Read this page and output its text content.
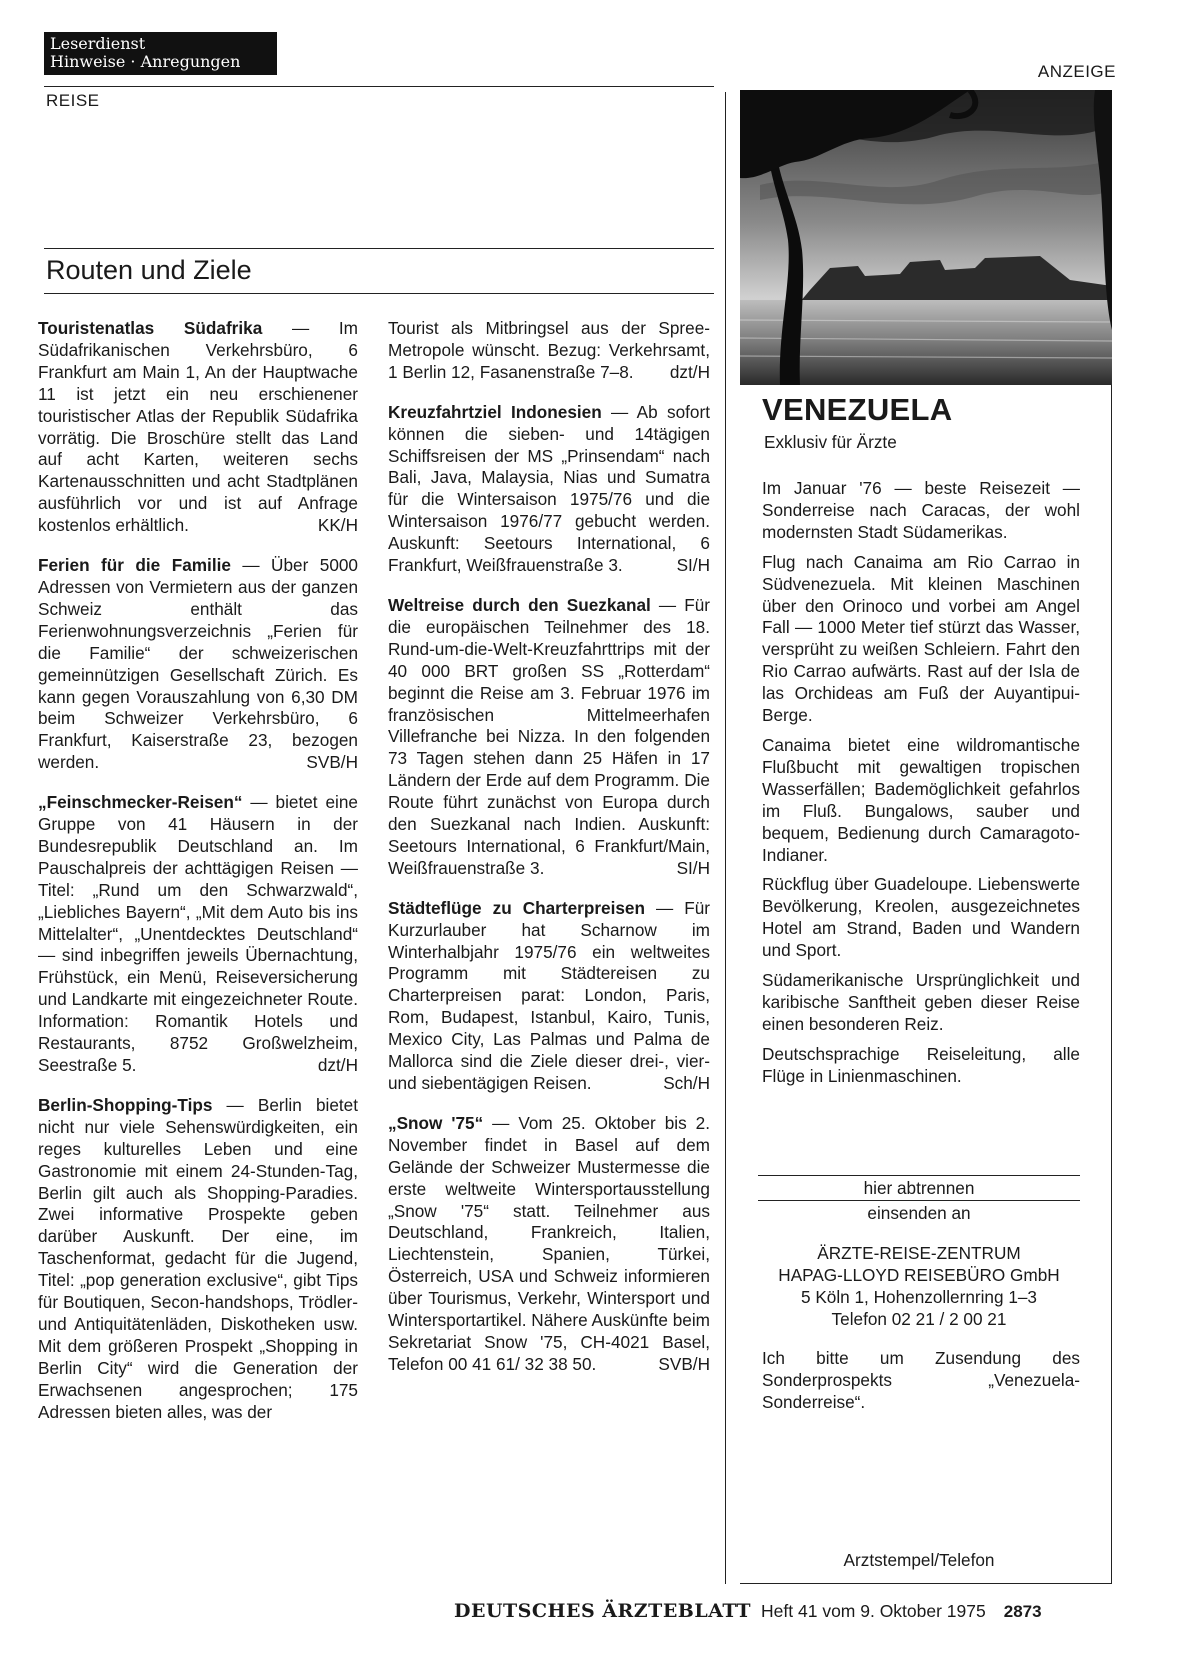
Leserdienst
Hinweise · Anregungen
ANZEIGE
REISE
Routen und Ziele

Touristenatlas Südafrika — Im Südafrikanischen Verkehrsbüro, 6 Frankfurt am Main 1, An der Hauptwache 11 ist jetzt ein neu erschienener touristischer Atlas der Republik Südafrika vorrätig. Die Broschüre stellt das Land auf acht Karten, weiteren sechs Kartenausschnitten und acht Stadtplänen ausführlich vor und ist auf Anfrage kostenlos erhältlich.	KK/H

Ferien für die Familie — Über 5000 Adressen von Vermietern aus der ganzen Schweiz enthält das Ferienwohnungsverzeichnis „Ferien für die Familie“ der schweizerischen gemeinnützigen Gesellschaft Zürich. Es kann gegen Vorauszahlung von 6,30 DM beim Schweizer Verkehrsbüro, 6 Frankfurt, Kaiserstraße 23, bezogen werden.	SVB/H

„Feinschmecker-Reisen“ — bietet eine Gruppe von 41 Häusern in der Bundesrepublik Deutschland an. Im Pauschalpreis der achttägigen Reisen — Titel: „Rund um den Schwarzwald“, „Liebliches Bayern“, „Mit dem Auto bis ins Mittelalter“, „Unentdecktes Deutschland“ — sind inbegriffen jeweils Übernachtung, Frühstück, ein Menü, Reiseversicherung und Landkarte mit eingezeichneter Route. Information: Romantik Hotels und Restaurants, 8752 Großwelzheim, Seestraße 5.	dzt/H

Berlin-Shopping-Tips — Berlin bietet nicht nur viele Sehenswürdigkeiten, ein reges kulturelles Leben und eine Gastronomie mit einem 24-Stunden-Tag, Berlin gilt auch als Shopping-Paradies. Zwei informative Prospekte geben darüber Auskunft. Der eine, im Taschenformat, gedacht für die Jugend, Titel: „pop generation exclusive“, gibt Tips für Boutiquen, Secon-handshops, Trödler- und Antiquitätenläden, Diskotheken usw. Mit dem größeren Prospekt „Shopping in Berlin City“ wird die Generation der Erwachsenen angesprochen; 175 Adressen bieten alles, was der

Tourist als Mitbringsel aus der Spree-Metropole wünscht. Bezug: Verkehrsamt, 1 Berlin 12, Fasanenstraße 7–8. dzt/H

Kreuzfahrtziel Indonesien — Ab sofort können die sieben- und 14tägigen Schiffsreisen der MS „Prinsendam“ nach Bali, Java, Malaysia, Nias und Sumatra für die Wintersaison 1975/76 und die Wintersaison 1976/77 gebucht werden. Auskunft: Seetours International, 6 Frankfurt, Weißfrauenstraße 3.	SI/H

Weltreise durch den Suezkanal — Für die europäischen Teilnehmer des 18. Rund-um-die-Welt-Kreuzfahrttrips mit der 40 000 BRT großen SS „Rotterdam“ beginnt die Reise am 3. Februar 1976 im französischen Mittelmeerhafen Villefranche bei Nizza. In den folgenden 73 Tagen stehen dann 25 Häfen in 17 Ländern der Erde auf dem Programm. Die Route führt zunächst von Europa durch den Suezkanal nach Indien. Auskunft: Seetours International, 6 Frankfurt/Main, Weißfrauenstraße 3.	SI/H

Städteflüge zu Charterpreisen — Für Kurzurlauber hat Scharnow im Winterhalbjahr 1975/76 ein weltweites Programm mit Städtereisen zu Charterpreisen parat: London, Paris, Rom, Budapest, Istanbul, Kairo, Tunis, Mexico City, Las Palmas und Palma de Mallorca sind die Ziele dieser drei-, vier- und siebentägigen Reisen.	Sch/H

„Snow '75“ — Vom 25. Oktober bis 2. November findet in Basel auf dem Gelände der Schweizer Mustermesse die erste weltweite Wintersportausstellung „Snow '75“ statt. Teilnehmer aus Deutschland, Frankreich, Italien, Liechtenstein, Spanien, Türkei, Österreich, USA und Schweiz informieren über Tourismus, Verkehr, Wintersport und Wintersportartikel. Nähere Auskünfte beim Sekretariat Snow '75, CH-4021 Basel, Telefon 00 41 61/ 32 38 50.	SVB/H

VENEZUELA
Exklusiv für Ärzte

Im Januar '76 — beste Reisezeit — Sonderreise nach Caracas, der wohl modernsten Stadt Südamerikas.

Flug nach Canaima am Rio Carrao in Südvenezuela. Mit kleinen Maschinen über den Orinoco und vorbei am Angel Fall — 1000 Meter tief stürzt das Wasser, versprüht zu weißen Schleiern. Fahrt den Rio Carrao aufwärts. Rast auf der Isla de las Orchideas am Fuß der Auyantipui-Berge.

Canaima bietet eine wildromantische Flußbucht mit gewaltigen tropischen Wasserfällen; Bademöglichkeit gefahrlos im Fluß. Bungalows, sauber und bequem, Bedienung durch Camaragoto-Indianer.

Rückflug über Guadeloupe. Liebenswerte Bevölkerung, Kreolen, ausgezeichnetes Hotel am Strand, Baden und Wandern und Sport.

Südamerikanische Ursprünglichkeit und karibische Sanftheit geben dieser Reise einen besonderen Reiz.

Deutschsprachige Reiseleitung, alle Flüge in Linienmaschinen.

hier abtrennen
einsenden an
ÄRZTE-REISE-ZENTRUM
HAPAG-LLOYD REISEBÜRO GmbH
5 Köln 1, Hohenzollernring 1–3
Telefon 02 21 / 2 00 21
Ich bitte um Zusendung des Sonderprospekts „Venezuela-Sonderreise“.
Arztstempel/Telefon
DEUTSCHES ÄRZTEBLATT Heft 41 vom 9. Oktober 1975 2873
